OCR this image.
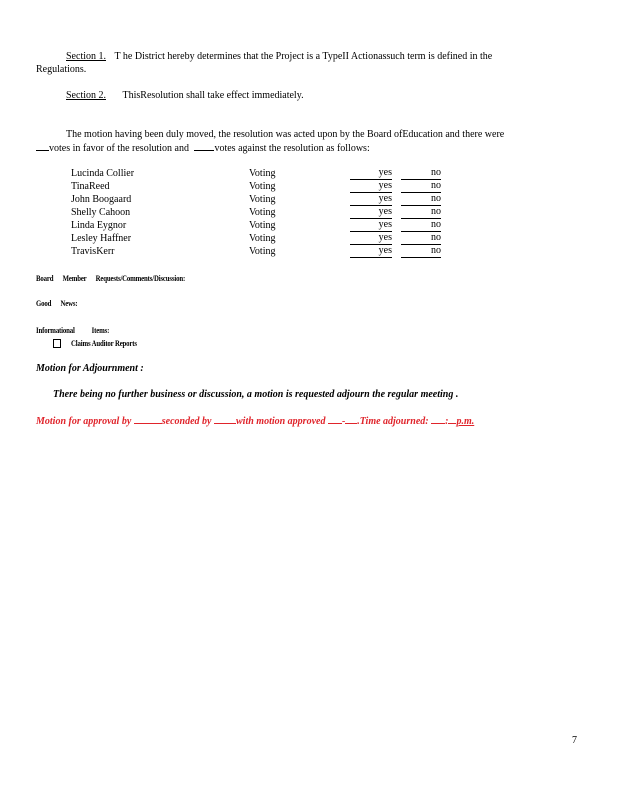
Section 1. T he District hereby determines that the Project is a TypeII Actionassuch term is defined in the
Regulations.
Section 2. ThisResolution shall take effect immediately.
The motion having been duly moved, the resolution was acted upon by the Board ofEducation and there were
votes in favor of the resolution and	votes against the resolution as follows:
Lucinda Collier	Voting	yes	no
TinaReed	Voting	yes	no
John Boogaard	Voting	yes	no
Shelly Cahoon	Voting	yes	no
Linda Eygnor	Voting	yes	no
Lesley Haffner	Voting	yes	no
TravisKerr	Voting	yes	no
Board      Member      Requests/Comments/Discussion:
Good      News:
Informational           Items:
Claims Auditor Reports
Motion for Adjournment :
There being no further business or discussion, a motion is requested adjourn the regular meeting .
Motion for approval by	seconded by with motion approved - .Time adjourned: : p.m.
7
